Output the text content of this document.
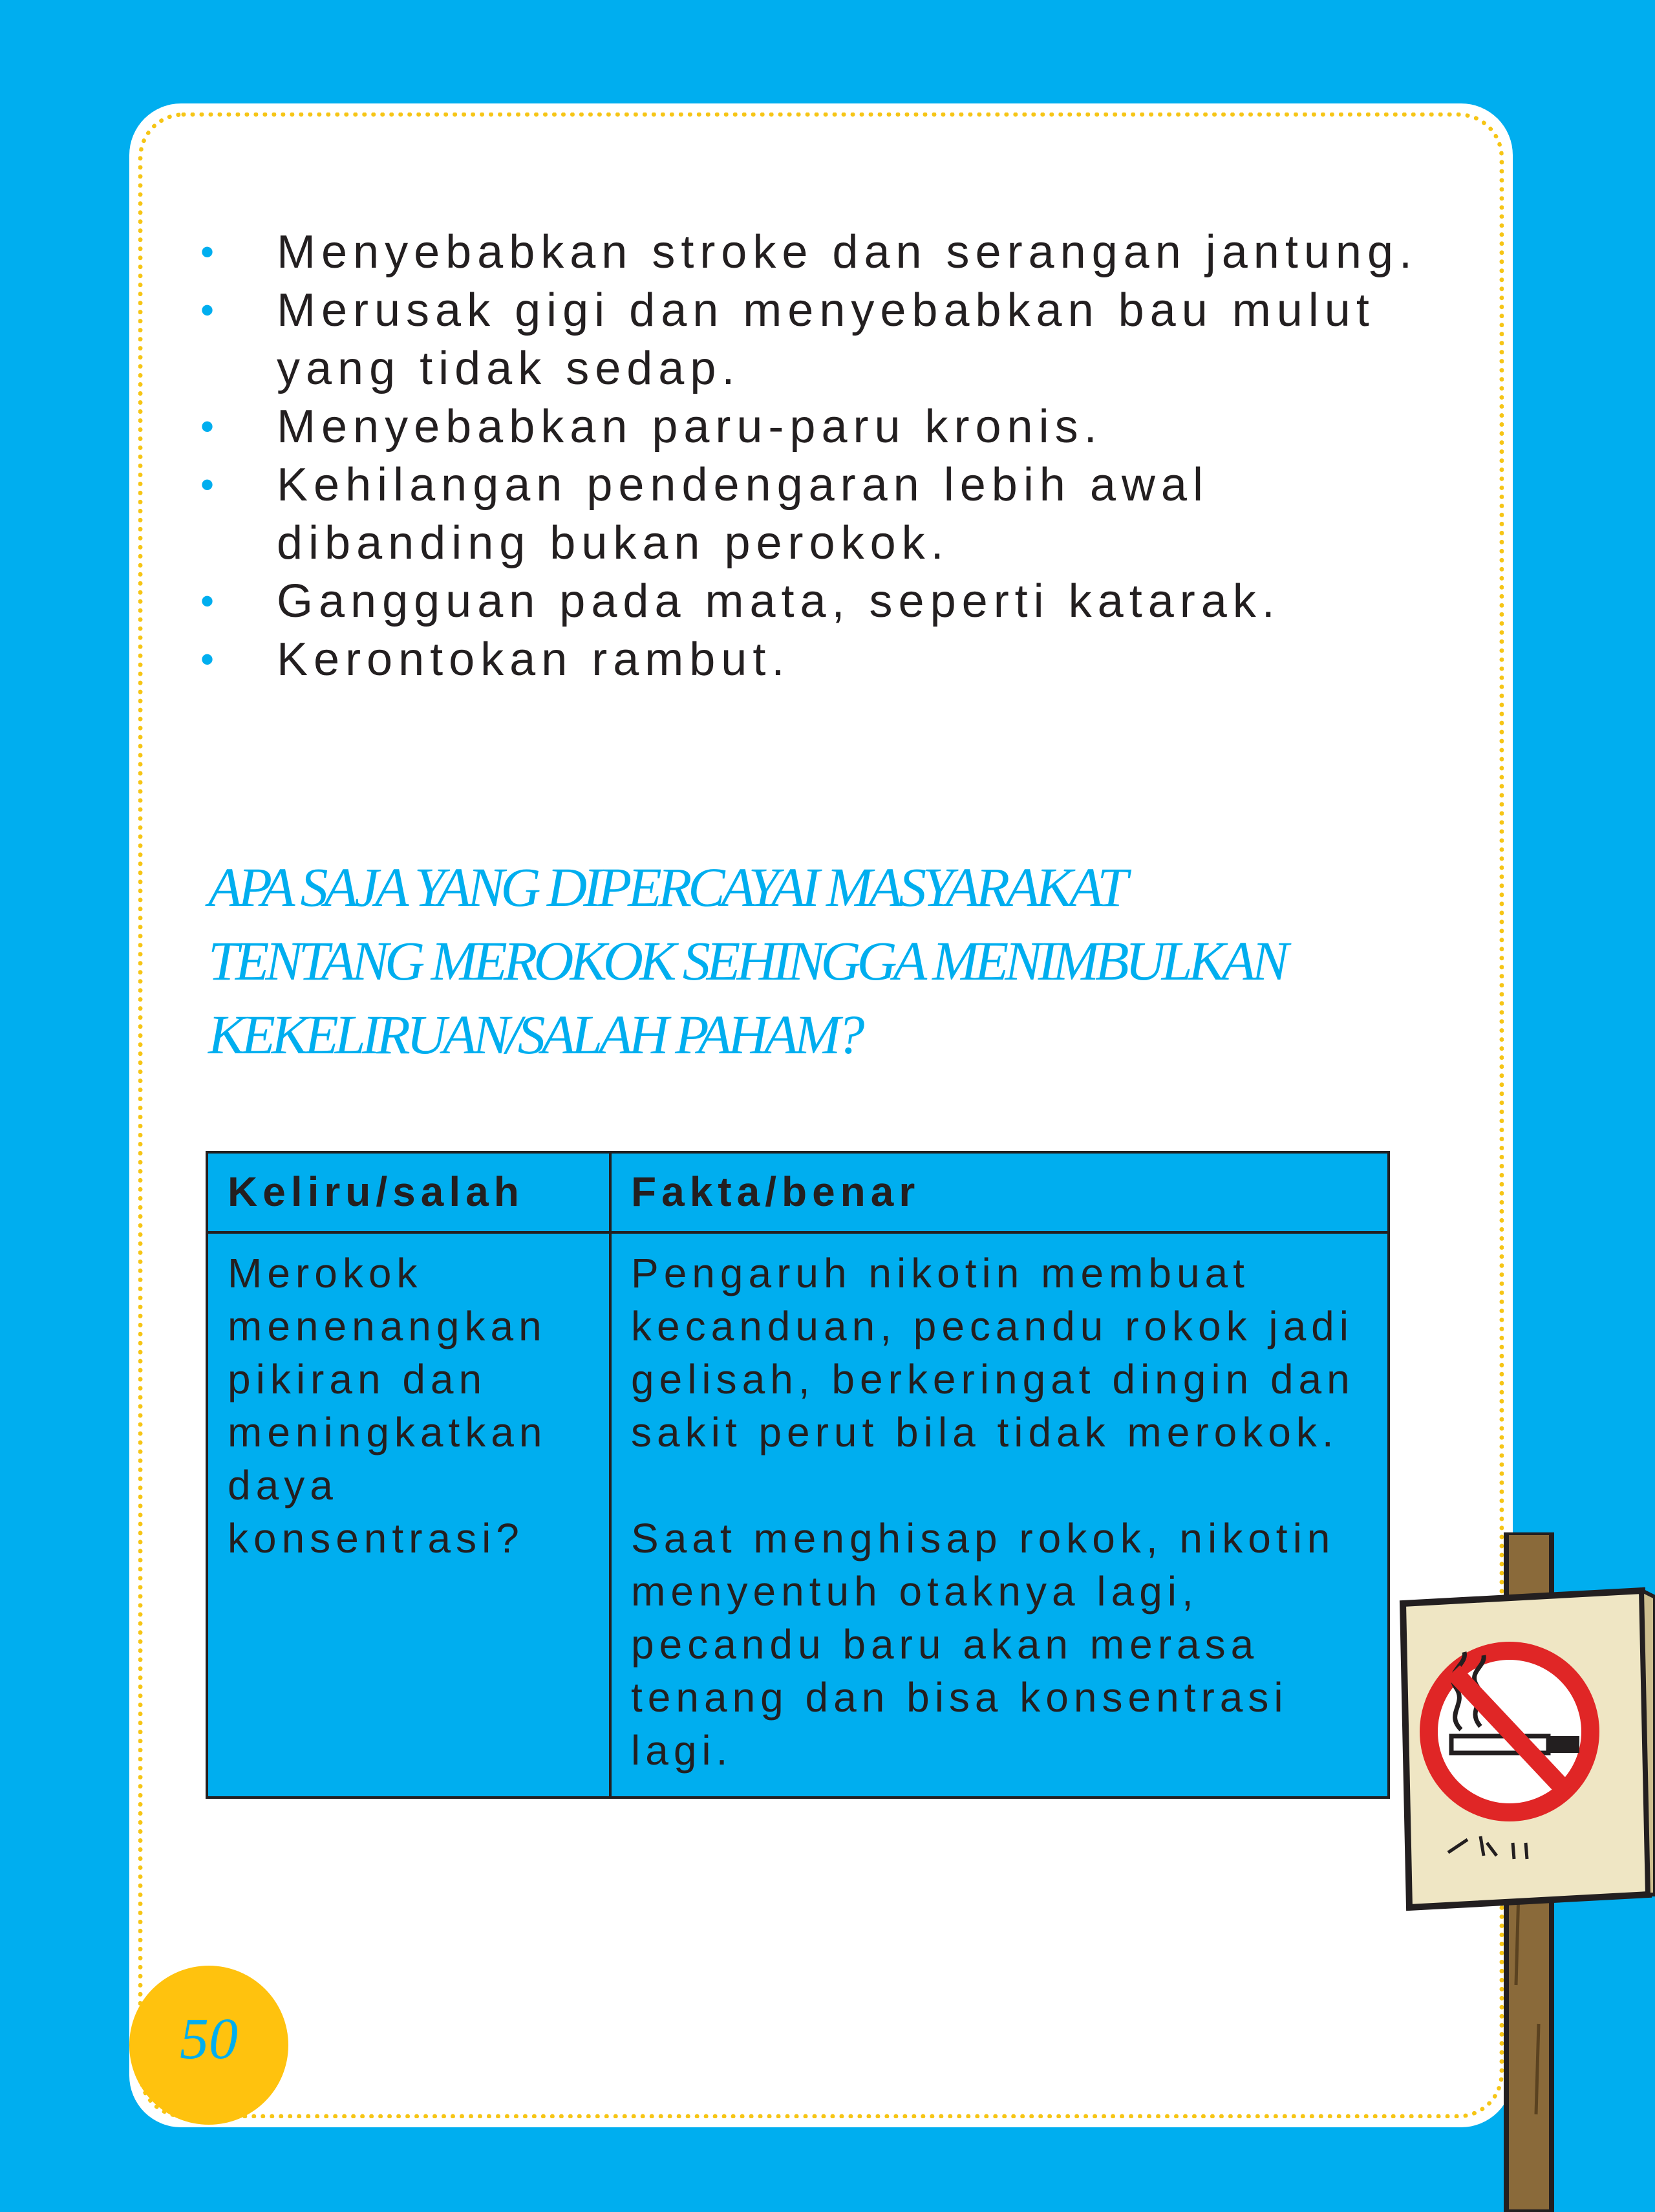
• Menyebabkan stroke dan serangan jantung.
• Merusak gigi dan menyebabkan bau mulut yang tidak sedap.
• Menyebabkan paru-paru kronis.
• Kehilangan pendengaran lebih awal dibanding bukan perokok.
• Gangguan pada mata, seperti katarak.
• Kerontokan rambut.
APA SAJA YANG DIPERCAYAI MASYARAKAT
TENTANG MEROKOK SEHINGGA MENIMBULKAN
KEKELIRUAN/SALAH PAHAM?
Keliru/salah	Fakta/benar
Merokok menenangkan pikiran dan meningkatkan daya konsentrasi?	Pengaruh nikotin membuat kecanduan, pecandu rokok jadi gelisah, berkeringat dingin dan sakit perut bila tidak merokok.

Saat menghisap rokok, nikotin menyentuh otaknya lagi, pecandu baru akan merasa tenang dan bisa konsentrasi lagi.

50
